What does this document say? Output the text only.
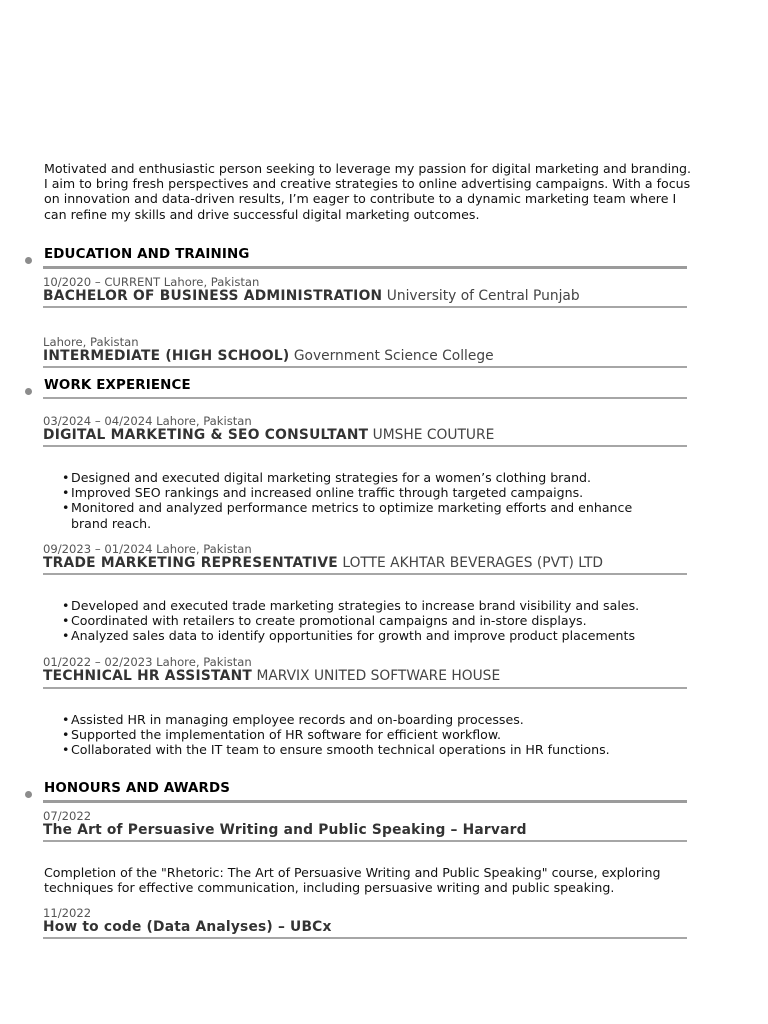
Motivated and enthusiastic person seeking to leverage my passion for digital marketing and branding. I aim to bring fresh perspectives and creative strategies to online advertising campaigns. With a focus on innovation and data-driven results, I’m eager to contribute to a dynamic marketing team where I can refine my skills and drive successful digital marketing outcomes.
EDUCATION AND TRAINING
10/2020 – CURRENT Lahore, Pakistan
BACHELOR OF BUSINESS ADMINISTRATION University of Central Punjab
Lahore, Pakistan
INTERMEDIATE (HIGH SCHOOL) Government Science College
WORK EXPERIENCE
03/2024 – 04/2024 Lahore, Pakistan
DIGITAL MARKETING & SEO CONSULTANT UMSHE COUTURE
• Designed and executed digital marketing strategies for a women’s clothing brand.
• Improved SEO rankings and increased online traffic through targeted campaigns.
• Monitored and analyzed performance metrics to optimize marketing efforts and enhance brand reach.
09/2023 – 01/2024 Lahore, Pakistan
TRADE MARKETING REPRESENTATIVE LOTTE AKHTAR BEVERAGES (PVT) LTD
• Developed and executed trade marketing strategies to increase brand visibility and sales.
• Coordinated with retailers to create promotional campaigns and in-store displays.
• Analyzed sales data to identify opportunities for growth and improve product placements
01/2022 – 02/2023 Lahore, Pakistan
TECHNICAL HR ASSISTANT MARVIX UNITED SOFTWARE HOUSE
• Assisted HR in managing employee records and on-boarding processes.
• Supported the implementation of HR software for efficient workflow.
• Collaborated with the IT team to ensure smooth technical operations in HR functions.
HONOURS AND AWARDS
07/2022
The Art of Persuasive Writing and Public Speaking – Harvard
Completion of the "Rhetoric: The Art of Persuasive Writing and Public Speaking" course, exploring techniques for effective communication, including persuasive writing and public speaking.
11/2022
How to code (Data Analyses) – UBCx
